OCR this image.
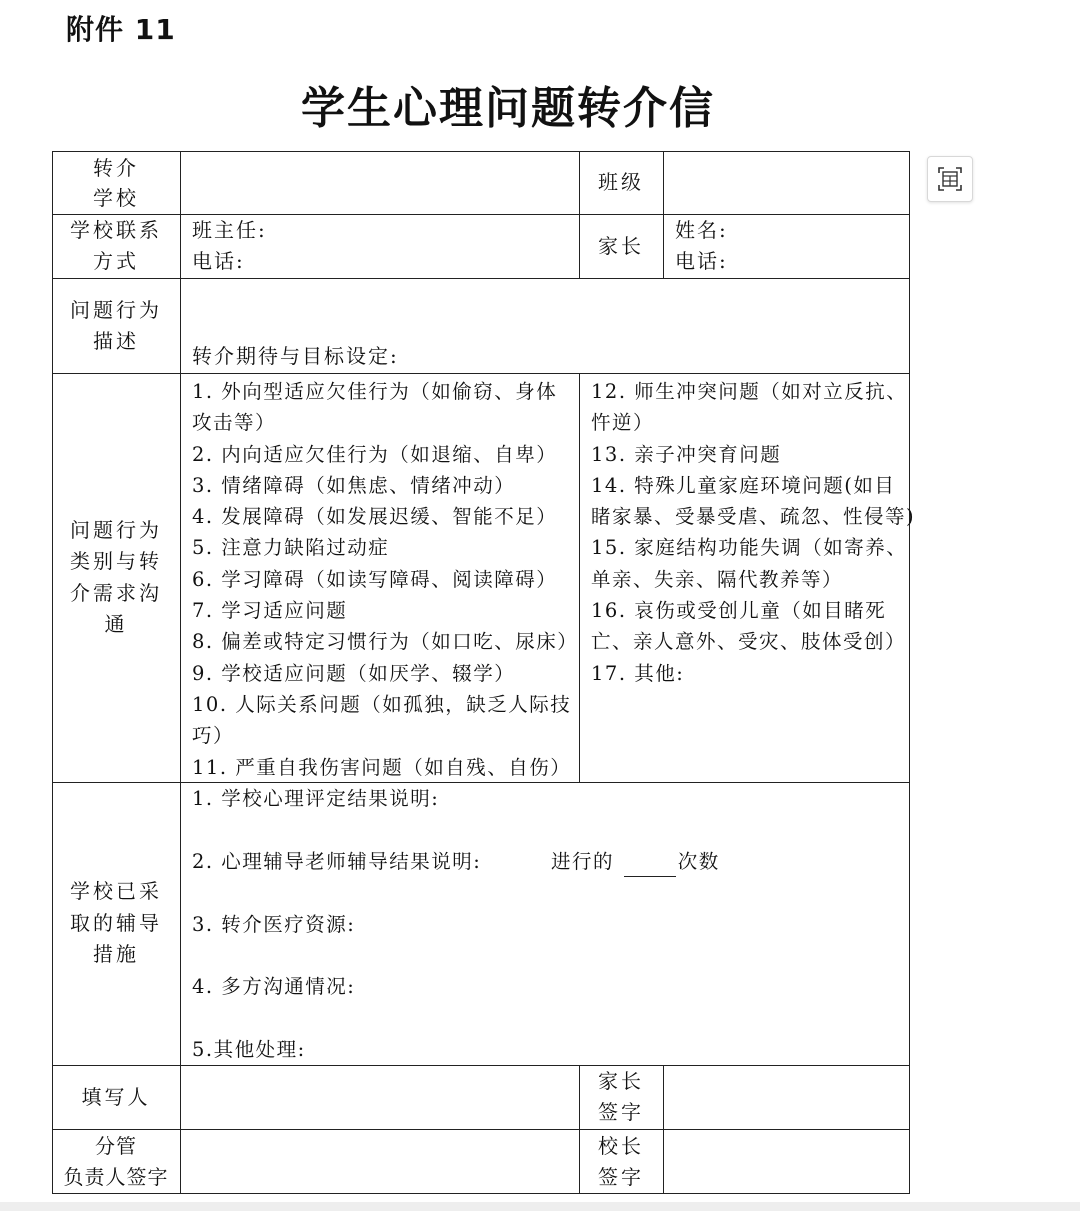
附件 11
学生心理问题转介信
转介
学校
班级
学校联系
方式
班主任:
电话:
家长
姓名:
电话:
问题行为
描述
转介期待与目标设定:
问题行为
类别与转
介需求沟
通
1. 外向型适应欠佳行为（如偷窃、身体
攻击等）
2. 内向适应欠佳行为（如退缩、自卑）
3. 情绪障碍（如焦虑、情绪冲动）
4. 发展障碍（如发展迟缓、智能不足）
5. 注意力缺陷过动症
6. 学习障碍（如读写障碍、阅读障碍）
7. 学习适应问题
8. 偏差或特定习惯行为（如口吃、尿床）
9. 学校适应问题（如厌学、辍学）
10. 人际关系问题（如孤独，缺乏人际技
巧）
11. 严重自我伤害问题（如自残、自伤）
12. 师生冲突问题（如对立反抗、
忤逆）
13. 亲子冲突育问题
14. 特殊儿童家庭环境问题(如目
睹家暴、受暴受虐、疏忽、性侵等)
15. 家庭结构功能失调（如寄养、
单亲、失亲、隔代教养等）
16. 哀伤或受创儿童（如目睹死
亡、亲人意外、受灾、肢体受创）
17. 其他:
学校已采
取的辅导
措施
1. 学校心理评定结果说明:
2. 心理辅导老师辅导结果说明:	进行的	次数
3. 转介医疗资源:
4. 多方沟通情况:
5.其他处理:
填写人
家长
签字
分管
负责人签字
校长
签字
